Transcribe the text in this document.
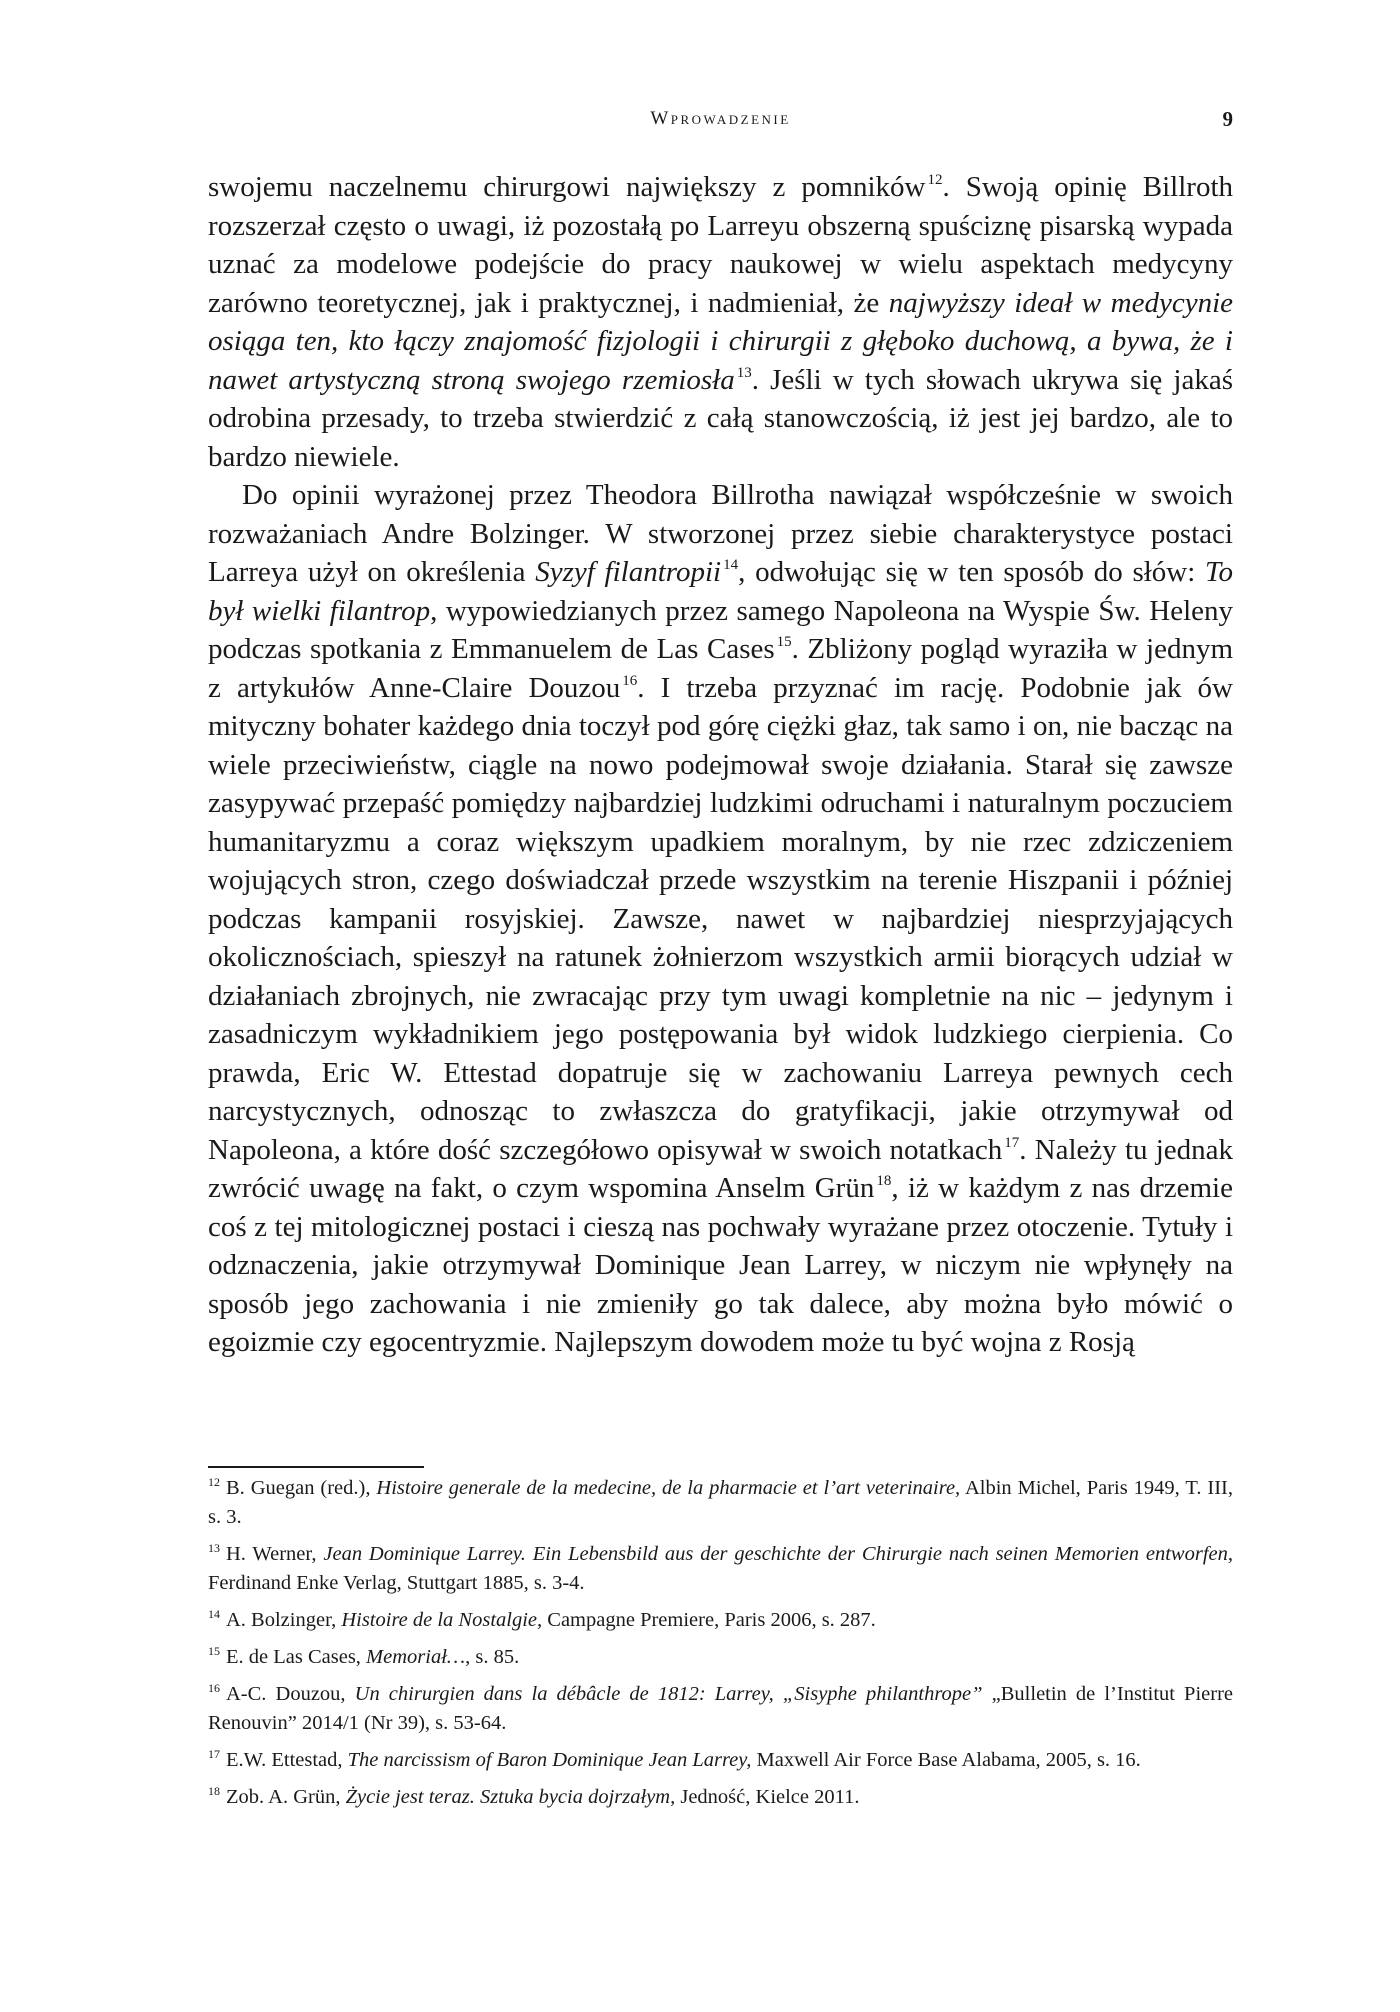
Wprowadzenie	9

swojemu naczelnemu chirurgowi największy z pomników $^{12}$. Swoją opinię Billroth rozszerzał często o uwagi, iż pozostałą po Larreyu obszerną spuściznę pisarską wypada uznać za modelowe podejście do pracy naukowej w wielu aspektach medycyny zarówno teoretycznej, jak i praktycznej, i nadmieniał, że najwyższy ideał w medycynie osiąga ten, kto łączy znajomość fizjologii i chirurgii z głęboko duchową, a bywa, że i nawet artystyczną stroną swojego rzemiosła $^{13}$. Jeśli w tych słowach ukrywa się jakaś odrobina przesady, to trzeba stwierdzić z całą stanowczością, iż jest jej bardzo, ale to bardzo niewiele.

Do opinii wyrażonej przez Theodora Billrotha nawiązał współcześnie w swoich rozważaniach Andre Bolzinger. W stworzonej przez siebie charakterystyce postaci Larreya użył on określenia Syzyf filantropii $^{14}$, odwołując się w ten sposób do słów: To był wielki filantrop, wypowiedzianych przez samego Napoleona na Wyspie Św. Heleny podczas spotkania z Emmanuelem de Las Cases $^{15}$. Zbliżony pogląd wyraziła w jednym z artykułów Anne-Claire Douzou $^{16}$. I trzeba przyznać im rację. Podobnie jak ów mityczny bohater każdego dnia toczył pod górę ciężki głaz, tak samo i on, nie bacząc na wiele przeciwieństw, ciągle na nowo podejmował swoje działania. Starał się zawsze zasypywać przepaść pomiędzy najbardziej ludzkimi odruchami i naturalnym poczuciem humanitaryzmu a coraz większym upadkiem moralnym, by nie rzec zdziczeniem wojujących stron, czego doświadczał przede wszystkim na terenie Hiszpanii i później podczas kampanii rosyjskiej. Zawsze, nawet w najbardziej niesprzyjających okolicznościach, spieszył na ratunek żołnierzom wszystkich armii biorących udział w działaniach zbrojnych, nie zwracając przy tym uwagi kompletnie na nic – jedynym i zasadniczym wykładnikiem jego postępowania był widok ludzkiego cierpienia. Co prawda, Eric W. Ettestad dopatruje się w zachowaniu Larreya pewnych cech narcystycznych, odnosząc to zwłaszcza do gratyfikacji, jakie otrzymywał od Napoleona, a które dość szczegółowo opisywał w swoich notatkach $^{17}$. Należy tu jednak zwrócić uwagę na fakt, o czym wspomina Anselm Grün $^{18}$, iż w każdym z nas drzemie coś z tej mitologicznej postaci i cieszą nas pochwały wyrażane przez otoczenie. Tytuły i odznaczenia, jakie otrzymywał Dominique Jean Larrey, w niczym nie wpłynęły na sposób jego zachowania i nie zmieniły go tak dalece, aby można było mówić o egoizmie czy egocentryzmie. Najlepszym dowodem może tu być wojna z Rosją

$^{12}$ B. Guegan (red.), Histoire generale de la medecine, de la pharmacie et l’art veterinaire, Albin Michel, Paris 1949, T. III, s. 3.

$^{13}$ H. Werner, Jean Dominique Larrey. Ein Lebensbild aus der geschichte der Chirurgie nach seinen Memorien entworfen, Ferdinand Enke Verlag, Stuttgart 1885, s. 3-4.

$^{14}$ A. Bolzinger, Histoire de la Nostalgie, Campagne Premiere, Paris 2006, s. 287.

$^{15}$ E. de Las Cases, Memoriał…, s. 85.

$^{16}$ A-C. Douzou, Un chirurgien dans la débâcle de 1812: Larrey, „Sisyphe philanthrope” „Bulletin de l’Institut Pierre Renouvin” 2014/1 (Nr 39), s. 53-64.

$^{17}$ E.W. Ettestad, The narcissism of Baron Dominique Jean Larrey, Maxwell Air Force Base Alabama, 2005, s. 16.

$^{18}$ Zob. A. Grün, Życie jest teraz. Sztuka bycia dojrzałym, Jedność, Kielce 2011.
